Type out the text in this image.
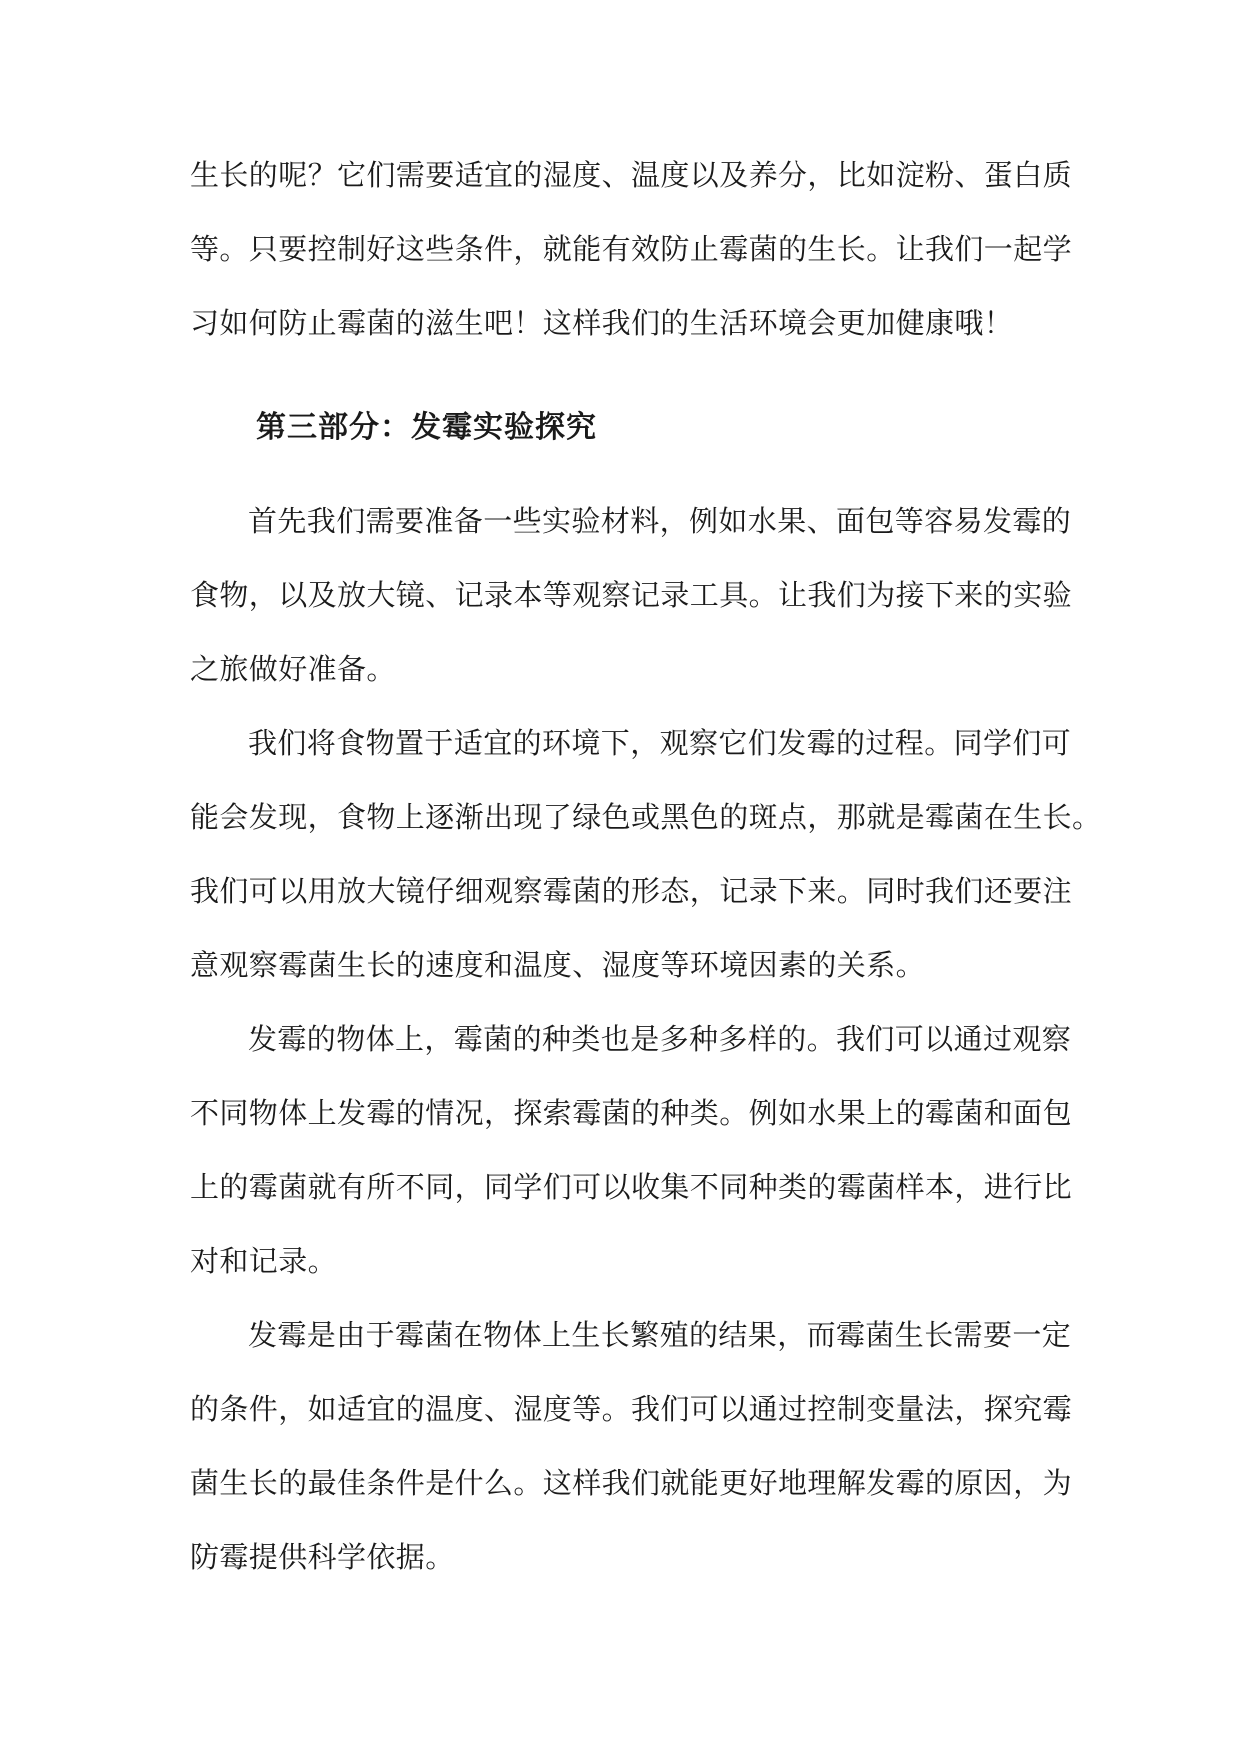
生长的呢？它们需要适宜的湿度、温度以及养分，比如淀粉、蛋白质
等。只要控制好这些条件，就能有效防止霉菌的生长。让我们一起学
习如何防止霉菌的滋生吧！这样我们的生活环境会更加健康哦！
第三部分：发霉实验探究
首先我们需要准备一些实验材料，例如水果、面包等容易发霉的
食物，以及放大镜、记录本等观察记录工具。让我们为接下来的实验
之旅做好准备。
我们将食物置于适宜的环境下，观察它们发霉的过程。同学们可
能会发现，食物上逐渐出现了绿色或黑色的斑点，那就是霉菌在生长。
我们可以用放大镜仔细观察霉菌的形态，记录下来。同时我们还要注
意观察霉菌生长的速度和温度、湿度等环境因素的关系。
发霉的物体上，霉菌的种类也是多种多样的。我们可以通过观察
不同物体上发霉的情况，探索霉菌的种类。例如水果上的霉菌和面包
上的霉菌就有所不同，同学们可以收集不同种类的霉菌样本，进行比
对和记录。
发霉是由于霉菌在物体上生长繁殖的结果，而霉菌生长需要一定
的条件，如适宜的温度、湿度等。我们可以通过控制变量法，探究霉
菌生长的最佳条件是什么。这样我们就能更好地理解发霉的原因，为
防霉提供科学依据。
